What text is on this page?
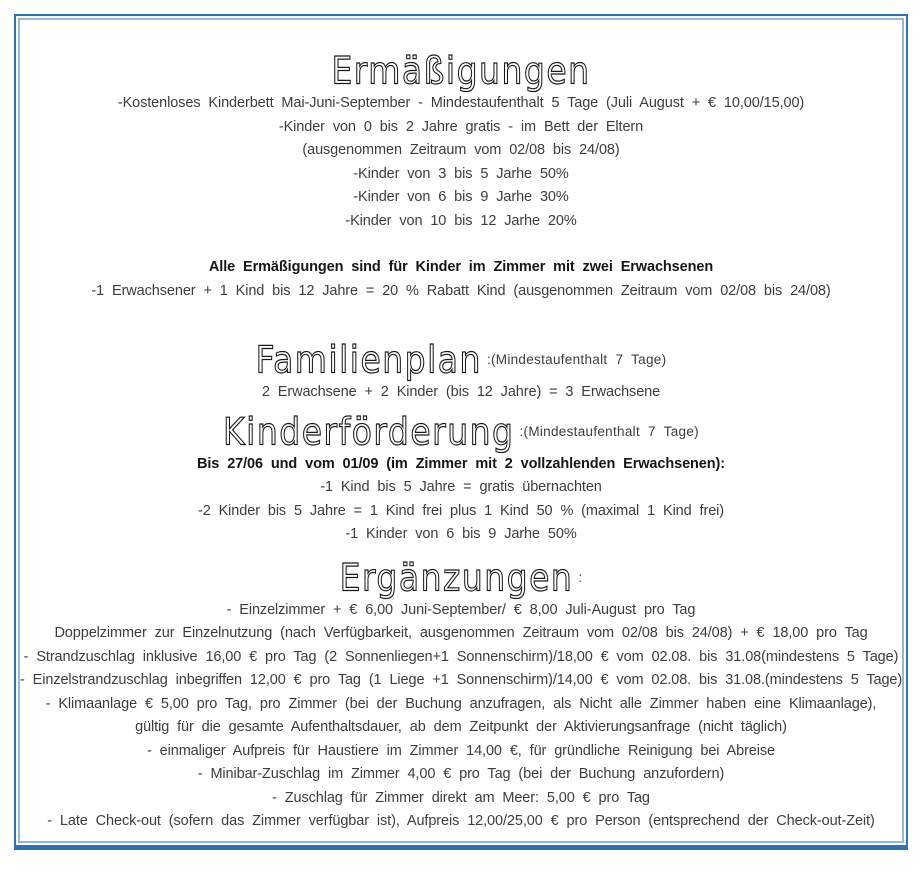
Ermäßigungen
-Kostenloses Kinderbett Mai-Juni-September - Mindestaufenthalt 5 Tage (Juli August + € 10,00/15,00)
-Kinder von 0 bis 2 Jahre gratis - im Bett der Eltern
(ausgenommen Zeitraum vom 02/08 bis 24/08)
-Kinder von 3 bis 5 Jarhe 50%
-Kinder von 6 bis 9 Jarhe 30%
-Kinder von 10 bis 12 Jarhe 20%
Alle Ermäßigungen sind für Kinder im Zimmer mit zwei Erwachsenen
-1 Erwachsener + 1 Kind bis 12 Jahre = 20 % Rabatt Kind (ausgenommen Zeitraum vom 02/08 bis 24/08)
Familienplan :(Mindestaufenthalt 7 Tage)
2 Erwachsene + 2 Kinder (bis 12 Jahre) = 3 Erwachsene
Kinderförderung :(Mindestaufenthalt 7 Tage)
Bis 27/06 und vom 01/09 (im Zimmer mit 2 vollzahlenden Erwachsenen):
-1 Kind bis 5 Jahre = gratis übernachten
-2 Kinder bis 5 Jahre = 1 Kind frei plus 1 Kind 50 % (maximal 1 Kind frei)
-1 Kinder von 6 bis 9 Jarhe 50%
Ergänzungen :
- Einzelzimmer + € 6,00 Juni-September/ € 8,00 Juli-August pro Tag
Doppelzimmer zur Einzelnutzung (nach Verfügbarkeit, ausgenommen Zeitraum vom 02/08 bis 24/08) + € 18,00 pro Tag
- Strandzuschlag inklusive 16,00 € pro Tag (2 Sonnenliegen+1 Sonnenschirm)/18,00 € vom 02.08. bis 31.08(mindestens 5 Tage)
- Einzelstrandzuschlag inbegriffen 12,00 € pro Tag (1 Liege +1 Sonnenschirm)/14,00 € vom 02.08. bis 31.08.(mindestens 5 Tage)
- Klimaanlage € 5,00 pro Tag, pro Zimmer (bei der Buchung anzufragen, als Nicht alle Zimmer haben eine Klimaanlage),
gültig für die gesamte Aufenthaltsdauer, ab dem Zeitpunkt der Aktivierungsanfrage (nicht täglich)
- einmaliger Aufpreis für Haustiere im Zimmer 14,00 €, für gründliche Reinigung bei Abreise
- Minibar-Zuschlag im Zimmer 4,00 € pro Tag (bei der Buchung anzufordern)
- Zuschlag für Zimmer direkt am Meer: 5,00 € pro Tag
- Late Check-out (sofern das Zimmer verfügbar ist), Aufpreis 12,00/25,00 € pro Person (entsprechend der Check-out-Zeit)
